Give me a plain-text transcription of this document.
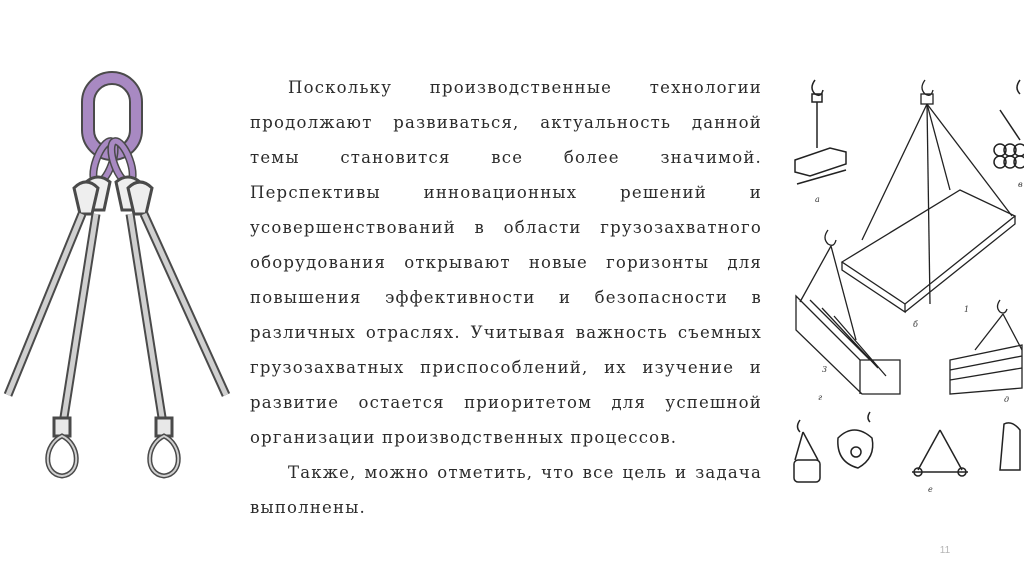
Поскольку производственные технологии продолжают развиваться, актуальность данной темы становится все более значимой. Перспективы инновационных решений и усовершенствований в области грузозахватного оборудования открывают новые горизонты для повышения эффективности и безопасности в различных отраслях. Учитывая важность съемных грузозахватных приспособлений, их изучение и развитие остается приоритетом для успешной организации производственных процессов.

Также, можно отметить, что все цель и задача выполнены.

а
б
1
в
г
3
д
е
11
